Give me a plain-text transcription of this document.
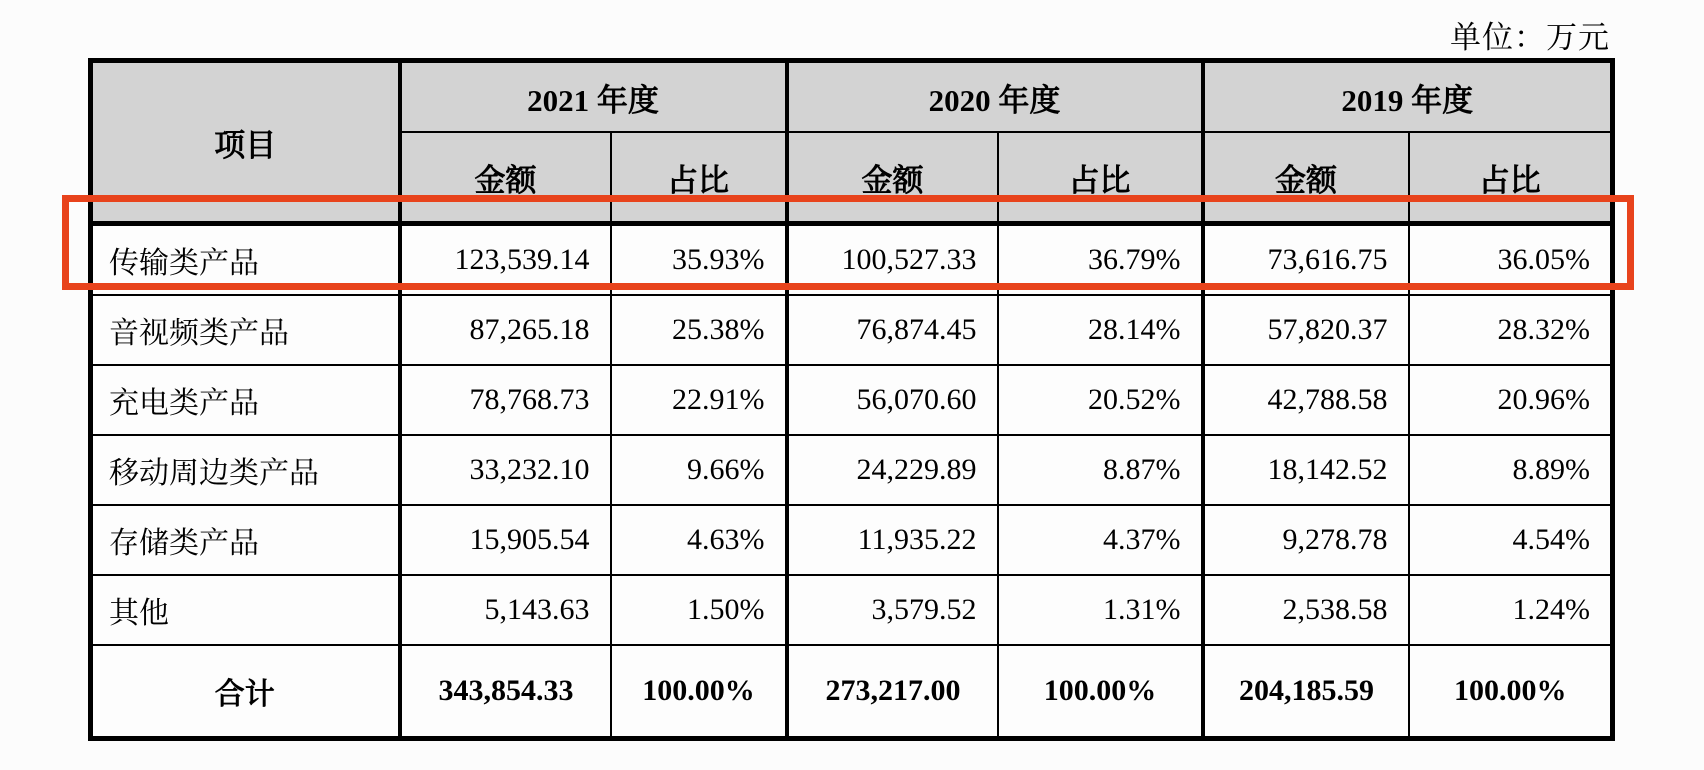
单位：万元
项目	2021 年度		2020 年度		2019 年度	
	金额	占比	金额	占比	金额	占比
传输类产品	123,539.14	35.93%	100,527.33	36.79%	73,616.75	36.05%
音视频类产品	87,265.18	25.38%	76,874.45	28.14%	57,820.37	28.32%
充电类产品	78,768.73	22.91%	56,070.60	20.52%	42,788.58	20.96%
移动周边类产品	33,232.10	9.66%	24,229.89	8.87%	18,142.52	8.89%
存储类产品	15,905.54	4.63%	11,935.22	4.37%	9,278.78	4.54%
其他	5,143.63	1.50%	3,579.52	1.31%	2,538.58	1.24%
合计	343,854.33	100.00%	273,217.00	100.00%	204,185.59	100.00%
